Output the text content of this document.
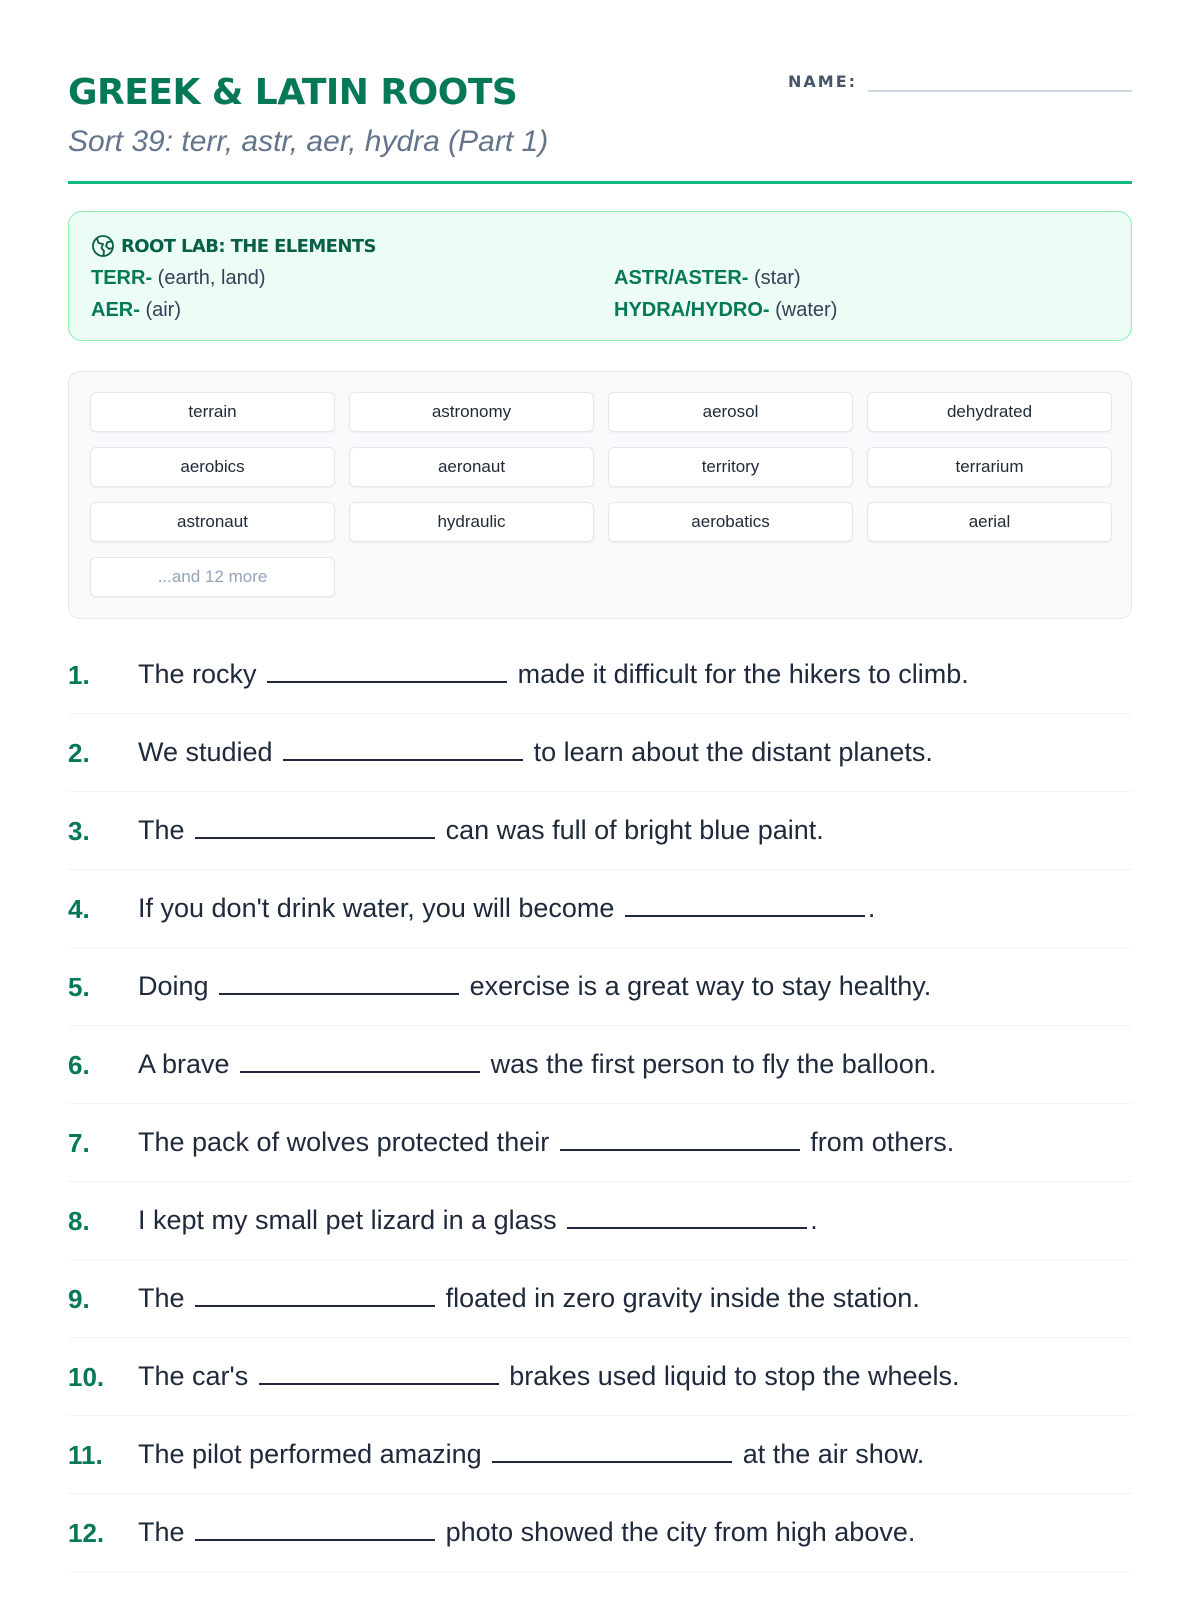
GREEK & LATIN ROOTS
Sort 39: terr, astr, aer, hydra (Part 1)
NAME:
ROOT LAB: THE ELEMENTS
TERR- (earth, land)	ASTR/ASTER- (star)
AER- (air)	HYDRA/HYDRO- (water)
terrain	astronomy	aerosol	dehydrated
aerobics	aeronaut	territory	terrarium
astronaut	hydraulic	aerobatics	aerial
...and 12 more
1. The rocky	made it difficult for the hikers to climb.
2. We studied	to learn about the distant planets.
3. The	can was full of bright blue paint.
4. If you don't drink water, you will become	.
5. Doing	exercise is a great way to stay healthy.
6. A brave	was the first person to fly the balloon.
7. The pack of wolves protected their	from others.
8. I kept my small pet lizard in a glass	.
9. The	floated in zero gravity inside the station.
10. The car's	brakes used liquid to stop the wheels.
11. The pilot performed amazing	at the air show.
12. The	photo showed the city from high above.
